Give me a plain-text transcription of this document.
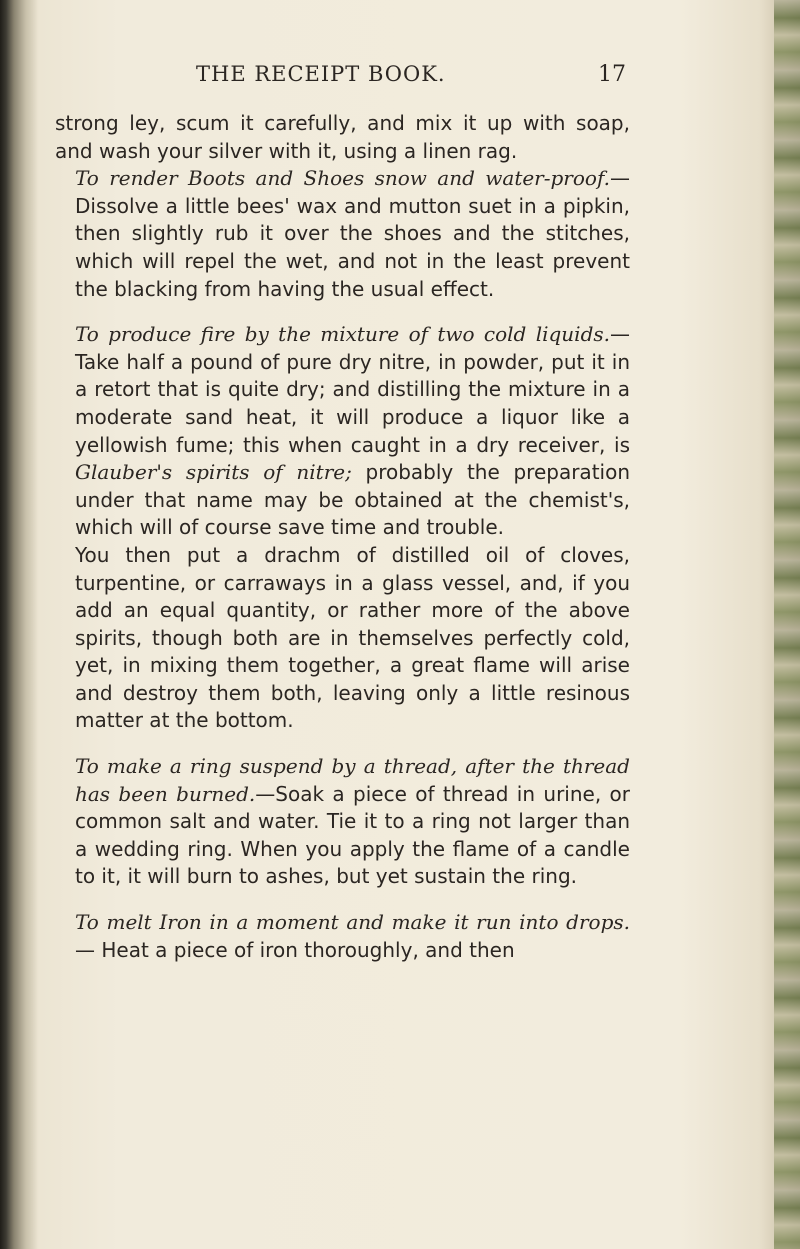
THE RECEIPT BOOK.	17

strong ley, scum it carefully, and mix it up with soap, and wash your silver with it, using a linen rag.

To render Boots and Shoes snow and water-proof.—Dissolve a little bees' wax and mutton suet in a pipkin, then slightly rub it over the shoes and the stitches, which will repel the wet, and not in the least prevent the blacking from having the usual effect.

To produce fire by the mixture of two cold liquids.—Take half a pound of pure dry nitre, in powder, put it in a retort that is quite dry; and distilling the mixture in a moderate sand heat, it will produce a liquor like a yellowish fume; this when caught in a dry receiver, is Glauber's spirits of nitre; probably the preparation under that name may be obtained at the chemist's, which will of course save time and trouble.

You then put a drachm of distilled oil of cloves, turpentine, or carraways in a glass vessel, and, if you add an equal quantity, or rather more of the above spirits, though both are in themselves perfectly cold, yet, in mixing them together, a great flame will arise and destroy them both, leaving only a little resinous matter at the bottom.

To make a ring suspend by a thread, after the thread has been burned.—Soak a piece of thread in urine, or common salt and water. Tie it to a ring not larger than a wedding ring. When you apply the flame of a candle to it, it will burn to ashes, but yet sustain the ring.

To melt Iron in a moment and make it run into drops.— Heat a piece of iron thoroughly, and then
